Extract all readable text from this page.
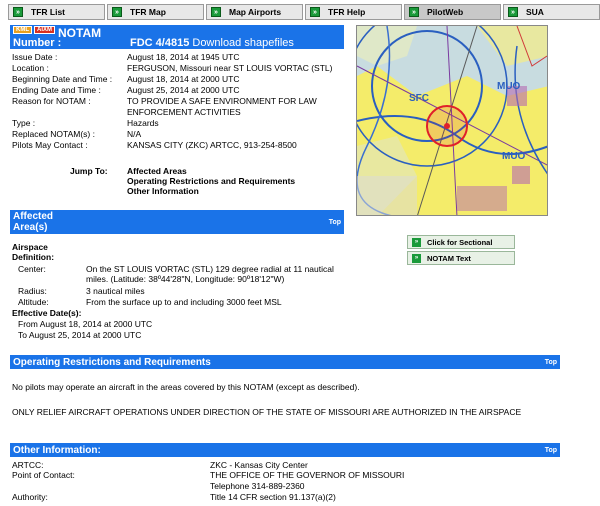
»	TFR List	»	TFR Map	»	Map Airports	»	TFR Help	»	PilotWeb	»	SUA
KML	AIXM NOTAM
Number :	FDC 4/4815 Download shapefiles
Issue Date :	August 18, 2014 at 1945 UTC
Location :	FERGUSON, Missouri near ST LOUIS VORTAC (STL)
Beginning Date and Time : August 18, 2014 at 2000 UTC
Ending Date and Time :	August 25, 2014 at 2000 UTC
Reason for NOTAM :	TO PROVIDE A SAFE ENVIRONMENT FOR LAW
ENFORCEMENT ACTIVITIES
Type :	Hazards
Replaced NOTAM(s) :	N/A
Pilots May Contact :	KANSAS CITY (ZKC) ARTCC, 913-254-8500
Jump To: Affected Areas
Operating Restrictions and Requirements
Other Information
SFC
MUO
MUO
»	Click for Sectional
»	NOTAM Text
Affected
Area(s)	Top
Airspace
Definition:
Center:	On the ST LOUIS VORTAC (STL) 129 degree radial at 11 nautical
miles. (Latitude: 38º44'28"N, Longitude: 90º18'12"W)
Radius:	3 nautical miles
Altitude:	From the surface up to and including 3000 feet MSL
Effective Date(s):
From August 18, 2014 at 2000 UTC
To August 25, 2014 at 2000 UTC
Operating Restrictions and Requirements	Top
No pilots may operate an aircraft in the areas covered by this NOTAM (except as described).
ONLY RELIEF AIRCRAFT OPERATIONS UNDER DIRECTION OF THE STATE OF MISSOURI ARE AUTHORIZED IN THE AIRSPACE
Other Information:	Top
ARTCC:	ZKC - Kansas City Center
Point of Contact:	THE OFFICE OF THE GOVERNOR OF MISSOURI
Telephone 314-889-2360
Authority:	Title 14 CFR section 91.137(a)(2)
